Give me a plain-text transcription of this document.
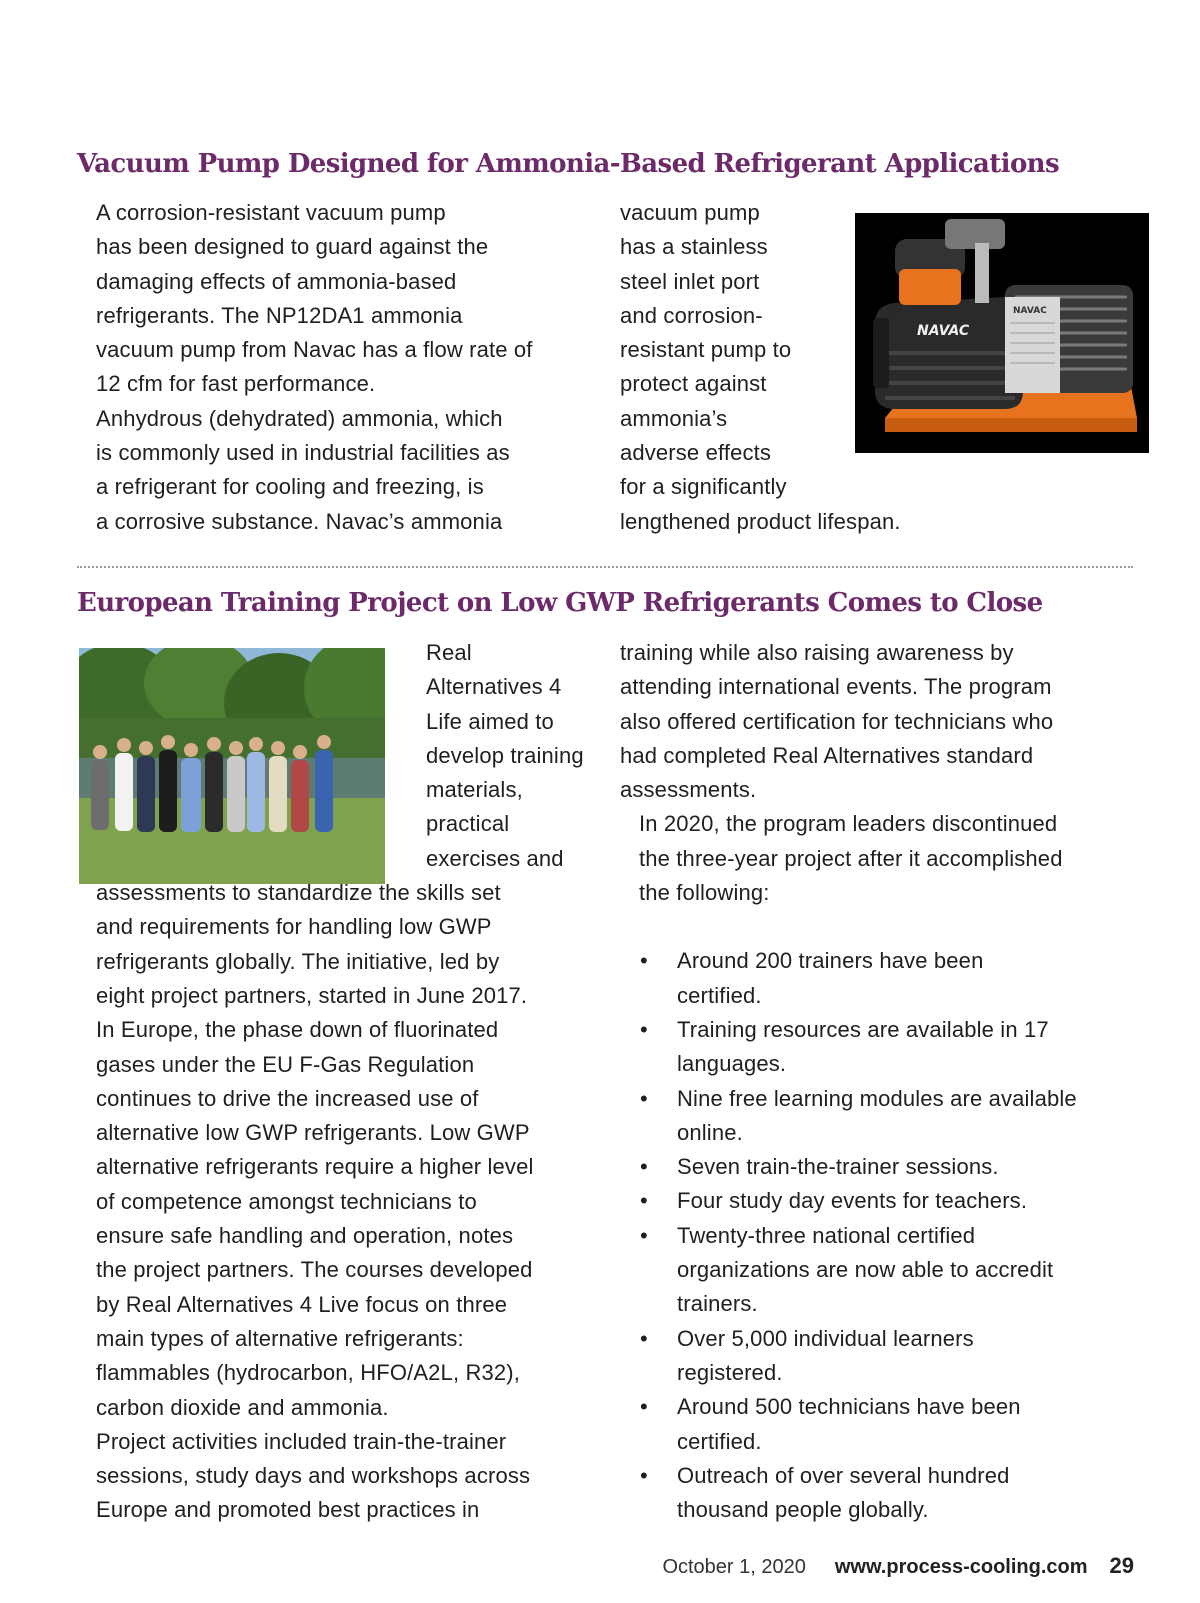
Vacuum Pump Designed for Ammonia-Based Refrigerant Applications

A corrosion-resistant vacuum pump
has been designed to guard against the
damaging effects of ammonia-based
refrigerants. The NP12DA1 ammonia
vacuum pump from Navac has a flow rate of
12 cfm for fast performance.

Anhydrous (dehydrated) ammonia, which
is commonly used in industrial facilities as
a refrigerant for cooling and freezing, is
a corrosive substance. Navac’s ammonia

vacuum pump
has a stainless
steel inlet port
and corrosion-
resistant pump to
protect against
ammonia’s
adverse effects
for a significantly
lengthened product lifespan.

NAVAC
NAVAC
European Training Project on Low GWP Refrigerants Comes to Close

Real
Alternatives 4
Life aimed to
develop training
materials,
practical
exercises and
assessments to standardize the skills set
and requirements for handling low GWP
refrigerants globally. The initiative, led by
eight project partners, started in June 2017.

In Europe, the phase down of fluorinated
gases under the EU F-Gas Regulation
continues to drive the increased use of
alternative low GWP refrigerants. Low GWP
alternative refrigerants require a higher level
of competence amongst technicians to
ensure safe handling and operation, notes
the project partners. The courses developed
by Real Alternatives 4 Live focus on three
main types of alternative refrigerants:
flammables (hydrocarbon, HFO/A2L, R32),
carbon dioxide and ammonia.

Project activities included train-the-trainer
sessions, study days and workshops across
Europe and promoted best practices in

training while also raising awareness by
attending international events. The program
also offered certification for technicians who
had completed Real Alternatives standard
assessments.

In 2020, the program leaders discontinued
the three-year project after it accomplished
the following:

• Around 200 trainers have been
certified.
• Training resources are available in 17
languages.
• Nine free learning modules are available
online.
• Seven train-the-trainer sessions.
• Four study day events for teachers.
• Twenty-three national certified
organizations are now able to accredit
trainers.
• Over 5,000 individual learners
registered.
• Around 500 technicians have been
certified.
• Outreach of over several hundred
thousand people globally.
October 1, 2020 www.process-cooling.com 29
